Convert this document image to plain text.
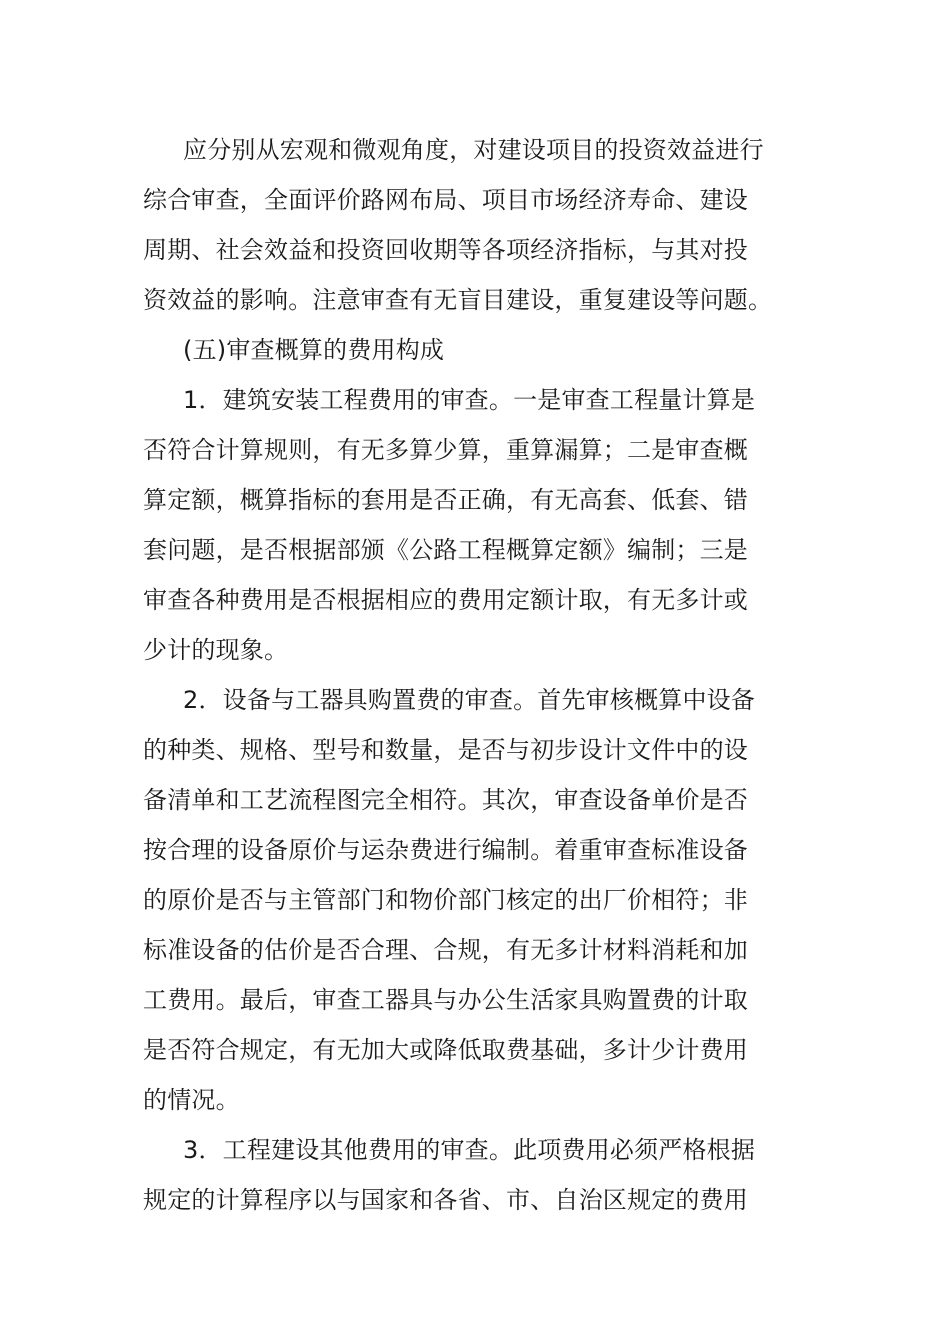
应分别从宏观和微观角度，对建设项目的投资效益进行
综合审查，全面评价路网布局、项目市场经济寿命、建设
周期、社会效益和投资回收期等各项经济指标，与其对投
资效益的影响。注意审查有无盲目建设，重复建设等问题。
(五)审查概算的费用构成
1．建筑安装工程费用的审查。一是审查工程量计算是
否符合计算规则，有无多算少算，重算漏算；二是审查概
算定额，概算指标的套用是否正确，有无高套、低套、错
套问题，是否根据部颁《公路工程概算定额》编制；三是
审查各种费用是否根据相应的费用定额计取，有无多计或
少计的现象。
2．设备与工器具购置费的审查。首先审核概算中设备
的种类、规格、型号和数量，是否与初步设计文件中的设
备清单和工艺流程图完全相符。其次，审查设备单价是否
按合理的设备原价与运杂费进行编制。着重审查标准设备
的原价是否与主管部门和物价部门核定的出厂价相符；非
标准设备的估价是否合理、合规，有无多计材料消耗和加
工费用。最后，审查工器具与办公生活家具购置费的计取
是否符合规定，有无加大或降低取费基础，多计少计费用
的情况。
3．工程建设其他费用的审查。此项费用必须严格根据
规定的计算程序以与国家和各省、市、自治区规定的费用
